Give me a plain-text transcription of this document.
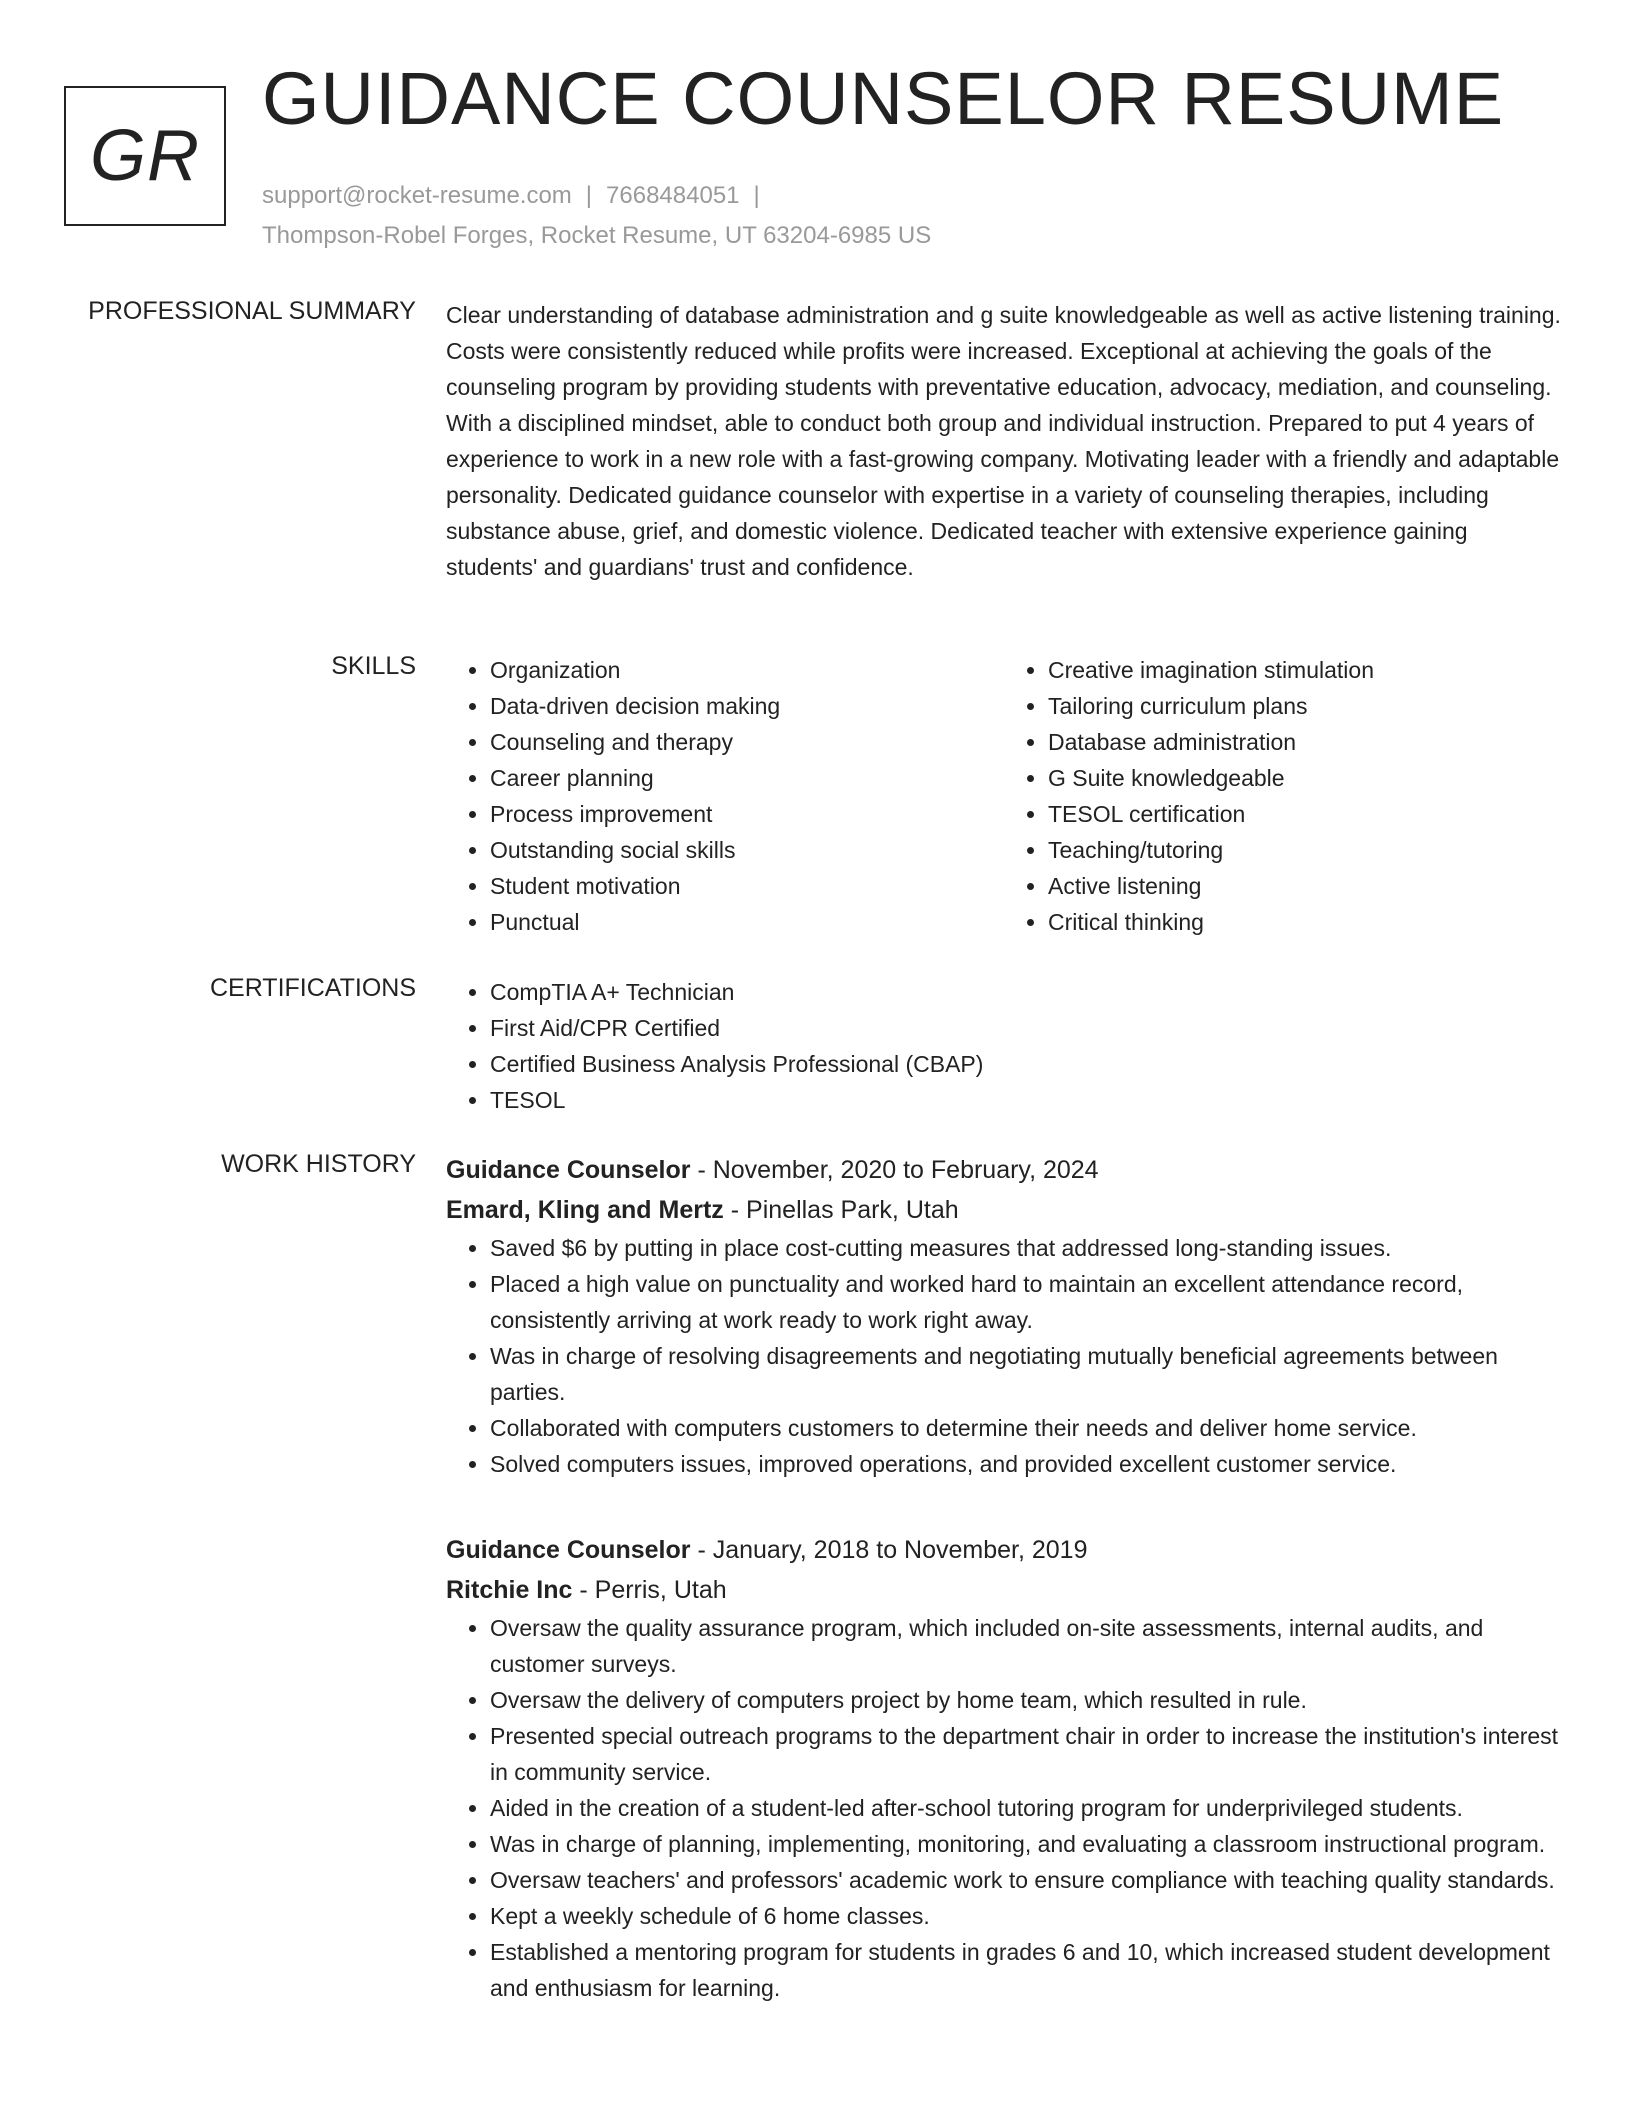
GR
GUIDANCE COUNSELOR RESUME
support@rocket-resume.com | 7668484051 |
Thompson-Robel Forges, Rocket Resume, UT 63204-6985 US
PROFESSIONAL SUMMARY Clear understanding of database administration and g suite knowledgeable as well as active listening training. Costs were consistently reduced while profits were increased. Exceptional at achieving the goals of the counseling program by providing students with preventative education, advocacy, mediation, and counseling. With a disciplined mindset, able to conduct both group and individual instruction. Prepared to put 4 years of experience to work in a new role with a fast-growing company. Motivating leader with a friendly and adaptable personality. Dedicated guidance counselor with expertise in a variety of counseling therapies, including substance abuse, grief, and domestic violence. Dedicated teacher with extensive experience gaining students' and guardians' trust and confidence.

SKILLS	• Organization
• Data-driven decision making
• Counseling and therapy
• Career planning
• Process improvement
• Outstanding social skills
• Student motivation
• Punctual
• Creative imagination stimulation
• Tailoring curriculum plans
• Database administration
• G Suite knowledgeable
• TESOL certification
• Teaching/tutoring
• Active listening
• Critical thinking
CERTIFICATIONS	• CompTIA A+ Technician
• First Aid/CPR Certified
• Certified Business Analysis Professional (CBAP)
• TESOL
WORK HISTORY Guidance Counselor - November, 2020 to February, 2024
Emard, Kling and Mertz - Pinellas Park, Utah
• Saved $6 by putting in place cost-cutting measures that addressed long-standing issues.
• Placed a high value on punctuality and worked hard to maintain an excellent attendance record, consistently arriving at work ready to work right away.
• Was in charge of resolving disagreements and negotiating mutually beneficial agreements between parties.
• Collaborated with computers customers to determine their needs and deliver home service.
• Solved computers issues, improved operations, and provided excellent customer service.
Guidance Counselor - January, 2018 to November, 2019
Ritchie Inc - Perris, Utah
• Oversaw the quality assurance program, which included on-site assessments, internal audits, and customer surveys.
• Oversaw the delivery of computers project by home team, which resulted in rule.
• Presented special outreach programs to the department chair in order to increase the institution's interest in community service.
• Aided in the creation of a student-led after-school tutoring program for underprivileged students.
• Was in charge of planning, implementing, monitoring, and evaluating a classroom instructional program.
• Oversaw teachers' and professors' academic work to ensure compliance with teaching quality standards.
• Kept a weekly schedule of 6 home classes.
• Established a mentoring program for students in grades 6 and 10, which increased student development and enthusiasm for learning.
